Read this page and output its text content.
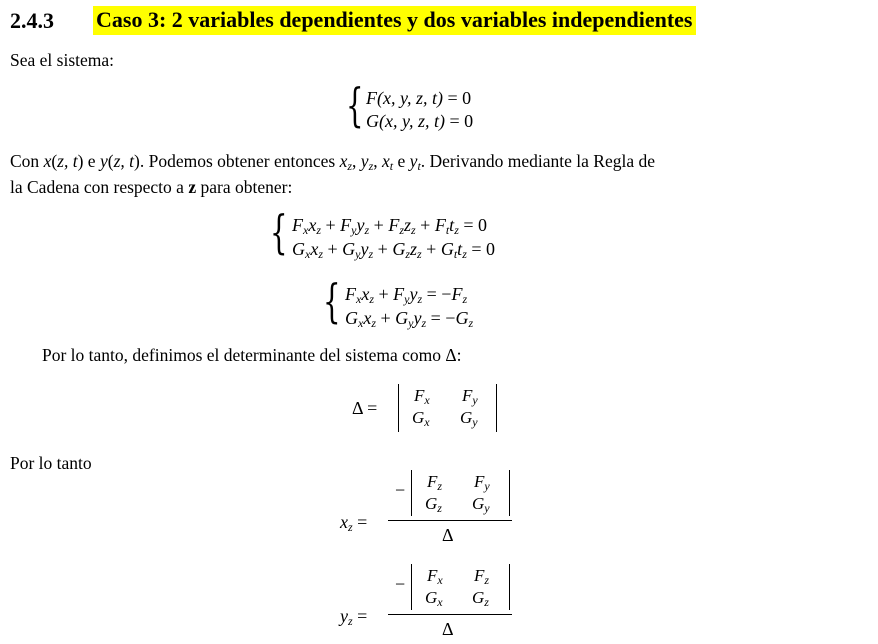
2.4.3 Caso 3: 2 variables dependientes y dos variables independientes
Sea el sistema:
{ F(x, y, z, t) = 0
G(x, y, z, t) = 0
Con x(z, t) e y(z, t). Podemos obtener entonces $x_z$, $y_z$, $x_t$ e $y_t$. Derivando mediante la Regla de
la Cadena con respecto a z para obtener:
{ $F_xx_z + F_yy_z + F_zz_z + F_tt_z = 0$
$G_xx_z + G_yy_z + G_zz_z + G_tt_z = 0$
{ $F_xx_z + F_yy_z = -F_z$
$G_xx_z + G_yy_z = -G_z$
Por lo tanto, definimos el determinante del sistema como Δ:
Δ =
$F_x$ $F_y$
$G_x$ $G_y$
Por lo tanto
$x_z$ =
− $F_z$ $F_y$
$G_z$ $G_y$
Δ
$y_z$ =
− $F_x$ $F_z$
$G_x$ $G_z$
Δ
